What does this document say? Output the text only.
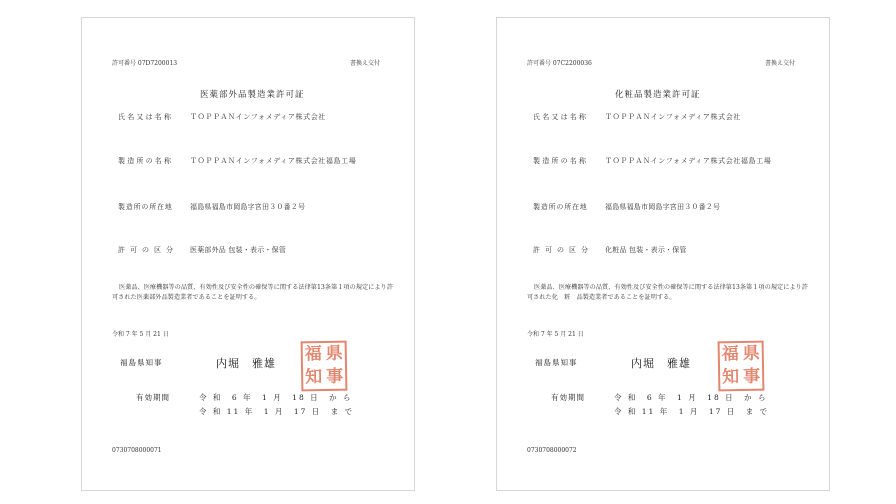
許可番号 07D7200013	書換え交付
医薬部外品製造業許可証
氏名又は名称 ＴＯＰＰＡＮインフォメディア株式会社
製造所の名称 ＴＯＰＰＡＮインフォメディア株式会社福島工場
製造所の所在地 福島県福島市岡島字宮田３０番２号
許可の区分 医薬部外品 包装・表示・保管
医薬品、医療機器等の品質、有効性及び安全性の確保等に関する法律第13条第１項の規定により許可された医薬部外品製造業者であることを証明する。
令和 7 年 5 月 21 日
福島県知事	内堀　雅雄 福 県
知 事
有効期間	令 和　6 年　1 月　18 日　か ら
令 和 11 年　1 月　17 日　ま で
0730708000071
許可番号 07C2200036	書換え交付
化粧品製造業許可証
氏名又は名称 ＴＯＰＰＡＮインフォメディア株式会社
製造所の名称 ＴＯＰＰＡＮインフォメディア株式会社福島工場
製造所の所在地 福島県福島市岡島字宮田３０番２号
許可の区分 化粧品 包装・表示・保管
医薬品、医療機器等の品質、有効性及び安全性の確保等に関する法律第13条第１項の規定により許可された化　粧　品製造業者であることを証明する。
令和 7 年 5 月 21 日
福島県知事	内堀　雅雄 福 県
知 事
有効期間	令 和　6 年　1 月　18 日　か ら
令 和 11 年　1 月　17 日　ま で
0730708000072
